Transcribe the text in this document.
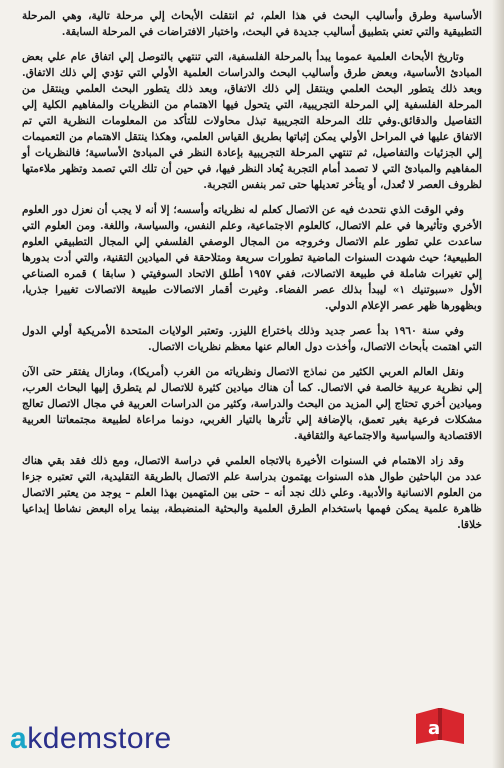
الأساسية وطرق وأساليب البحث في هذا العلم، ثم انتقلت الأبحاث إلي مرحلة تالية، وهي المرحلة التطبيقية والتي تعني بتطبيق أساليب جديدة في البحث، واختبار الافتراضات في المرحلة السابقة.

وتاريخ الأبحاث العلمية عموما يبدأ بالمرحلة الفلسفية، التي تنتهي بالتوصل إلي اتفاق عام علي بعض المبادئ الأساسية، وبعض طرق وأساليب البحث والدراسات العلمية الأولي التي تؤدي إلي ذلك الاتفاق. وبعد ذلك يتطور البحث العلمي وينتقل إلي ذلك الاتفاق، وبعد ذلك يتطور البحث العلمي وينتقل من المرحلة الفلسفية إلي المرحلة التجريبية، التي يتحول فيها الاهتمام من النظريات والمفاهيم الكلية إلي التفاصيل والدقائق.وفي تلك المرحلة التجريبية تبذل محاولات للتأكد من المعلومات النظرية التي تم الاتفاق عليها في المراحل الأولي يمكن إثباتها بطريق القياس العلمي، وهكذا ينتقل الاهتمام من التعميمات إلي الجزئيات والتفاصيل، ثم تنتهي المرحلة التجريبية بإعادة النظر في المبادئ الأساسية؛ فالنظريات أو المفاهيم والمبادئ التي لا تصمد أمام التجربة يُعاد النظر فيها، في حين أن تلك التي تصمد وتظهر ملاءمتها لظروف العصر لا تُعدل، أو يتأخر تعديلها حتى تمر بنفس التجربة.

وفي الوقت الذي نتحدث فيه عن الاتصال كعلم له نظرياته وأسسه؛ إلا أنه لا يجب أن نعزل دور العلوم الأخري وتأثيرها في علم الاتصال، كالعلوم الاجتماعية، وعلم النفس، والسياسة، واللغة. ومن العلوم التي ساعدت علي تطور علم الاتصال وخروجه من المجال الوصفي الفلسفي إلي المجال التطبيقي العلوم الطبيعية؛ حيث شهدت السنوات الماضية تطورات سريعة ومتلاحقة في الميادين التقنية، والتي أدت بدورها إلي تغيرات شاملة في طبيعة الاتصالات، ففي ١٩٥٧ أطلق الاتحاد السوفيتي ( سابقا ) قمره الصناعي الأول «سبوتنيك ١» ليبدأ بذلك عصر الفضاء. وغيرت أقمار الاتصالات طبيعة الاتصالات تغييرا جذريا، وبظهورها ظهر عصر الإعلام الدولي.

وفي سنة ١٩٦٠ بدأ عصر جديد وذلك باختراع الليزر. وتعتبر الولايات المتحدة الأمريكية أولي الدول التي اهتمت بأبحاث الاتصال، وأخذت دول العالم عنها معظم نظريات الاتصال.

ونقل العالم العربي الكثير من نماذج الاتصال ونظرياته من الغرب (أمريكا)، ومازال يفتقر حتى الآن إلي نظرية عربية خالصة في الاتصال. كما أن هناك ميادين كثيرة للاتصال لم يتطرق إليها البحاث العرب، وميادين أخري تحتاج إلي المزيد من البحث والدراسة، وكثير من الدراسات العربية في مجال الاتصال تعالج مشكلات فرعية بغير تعمق، بالإضافة إلي تأثرها بالتيار الغربي، دونما مراعاة لطبيعة مجتمعاتنا العربية الاقتصادية والسياسية والاجتماعية والثقافية.

وقد زاد الاهتمام في السنوات الأخيرة بالاتجاه العلمي في دراسة الاتصال، ومع ذلك فقد بقي هناك عدد من الباحثين طوال هذه السنوات يهتمون بدراسة علم الاتصال بالطريقة التقليدية، التي تعتبره جزءا من العلوم الانسانية والأدبية. وعلي ذلك نجد أنه – حتى بين المتهمين بهذا العلم – يوجد من يعتبر الاتصال ظاهرة علمية يمكن فهمها باستخدام الطرق العلمية والبحثية المنضبطة، بينما يراه البعض نشاطا إبداعيا خلاقا.

akdemstore	a
